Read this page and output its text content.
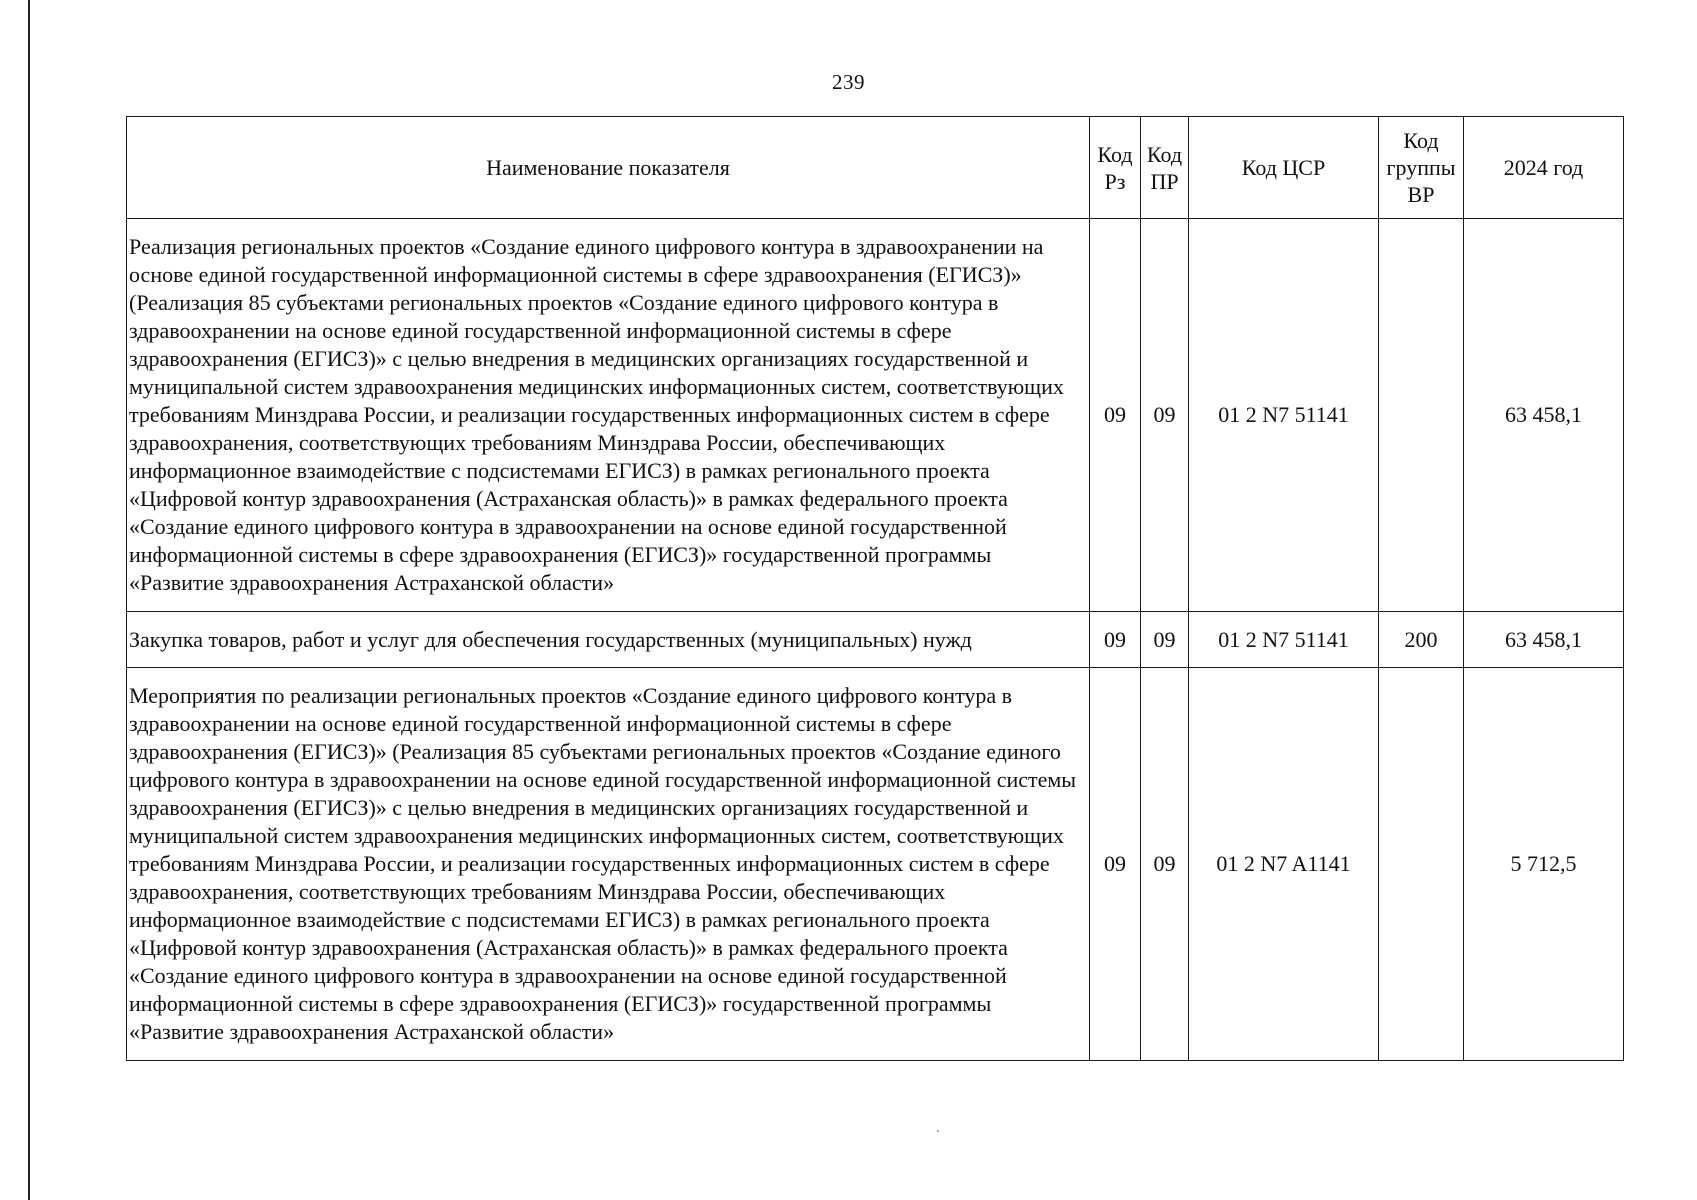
239
Наименование показателя	Код Рз	Код ПР	Код ЦСР	Код группы ВР	2024 год
Реализация региональных проектов «Создание единого цифрового контура в здравоохранении на основе единой государственной информационной системы в сфере здравоохранения (ЕГИСЗ)» (Реализация 85 субъектами региональных проектов «Создание единого цифрового контура в здравоохранении на основе единой государственной информационной системы в сфере здравоохранения (ЕГИСЗ)» с целью внедрения в медицинских организациях государственной и муниципальной систем здравоохранения медицинских информационных систем, соответствующих требованиям Минздрава России, и реализации государственных информационных систем в сфере здравоохранения, соответствующих требованиям Минздрава России, обеспечивающих информационное взаимодействие с подсистемами ЕГИСЗ) в рамках регионального проекта «Цифровой контур здравоохранения (Астраханская область)» в рамках федерального проекта «Создание единого цифрового контура в здравоохранении на основе единой государственной информационной системы в сфере здравоохранения (ЕГИСЗ)» государственной программы «Развитие здравоохранения Астраханской области»	09	09	01 2 N7 51141		63 458,1
Закупка товаров, работ и услуг для обеспечения государственных (муниципальных) нужд	09	09	01 2 N7 51141	200	63 458,1
Мероприятия по реализации региональных проектов «Создание единого цифрового контура в здравоохранении на основе единой государственной информационной системы в сфере здравоохранения (ЕГИСЗ)» (Реализация 85 субъектами региональных проектов «Создание единого цифрового контура в здравоохранении на основе единой государственной информационной системы здравоохранения (ЕГИСЗ)» с целью внедрения в медицинских организациях государственной и муниципальной систем здравоохранения медицинских информационных систем, соответствующих требованиям Минздрава России, и реализации государственных информационных систем в сфере здравоохранения, соответствующих требованиям Минздрава России, обеспечивающих информационное взаимодействие с подсистемами ЕГИСЗ) в рамках регионального проекта «Цифровой контур здравоохранения (Астраханская область)» в рамках федерального проекта «Создание единого цифрового контура в здравоохранении на основе единой государственной информационной системы в сфере здравоохранения (ЕГИСЗ)» государственной программы «Развитие здравоохранения Астраханской области»	09	09	01 2 N7 A1141		5 712,5
